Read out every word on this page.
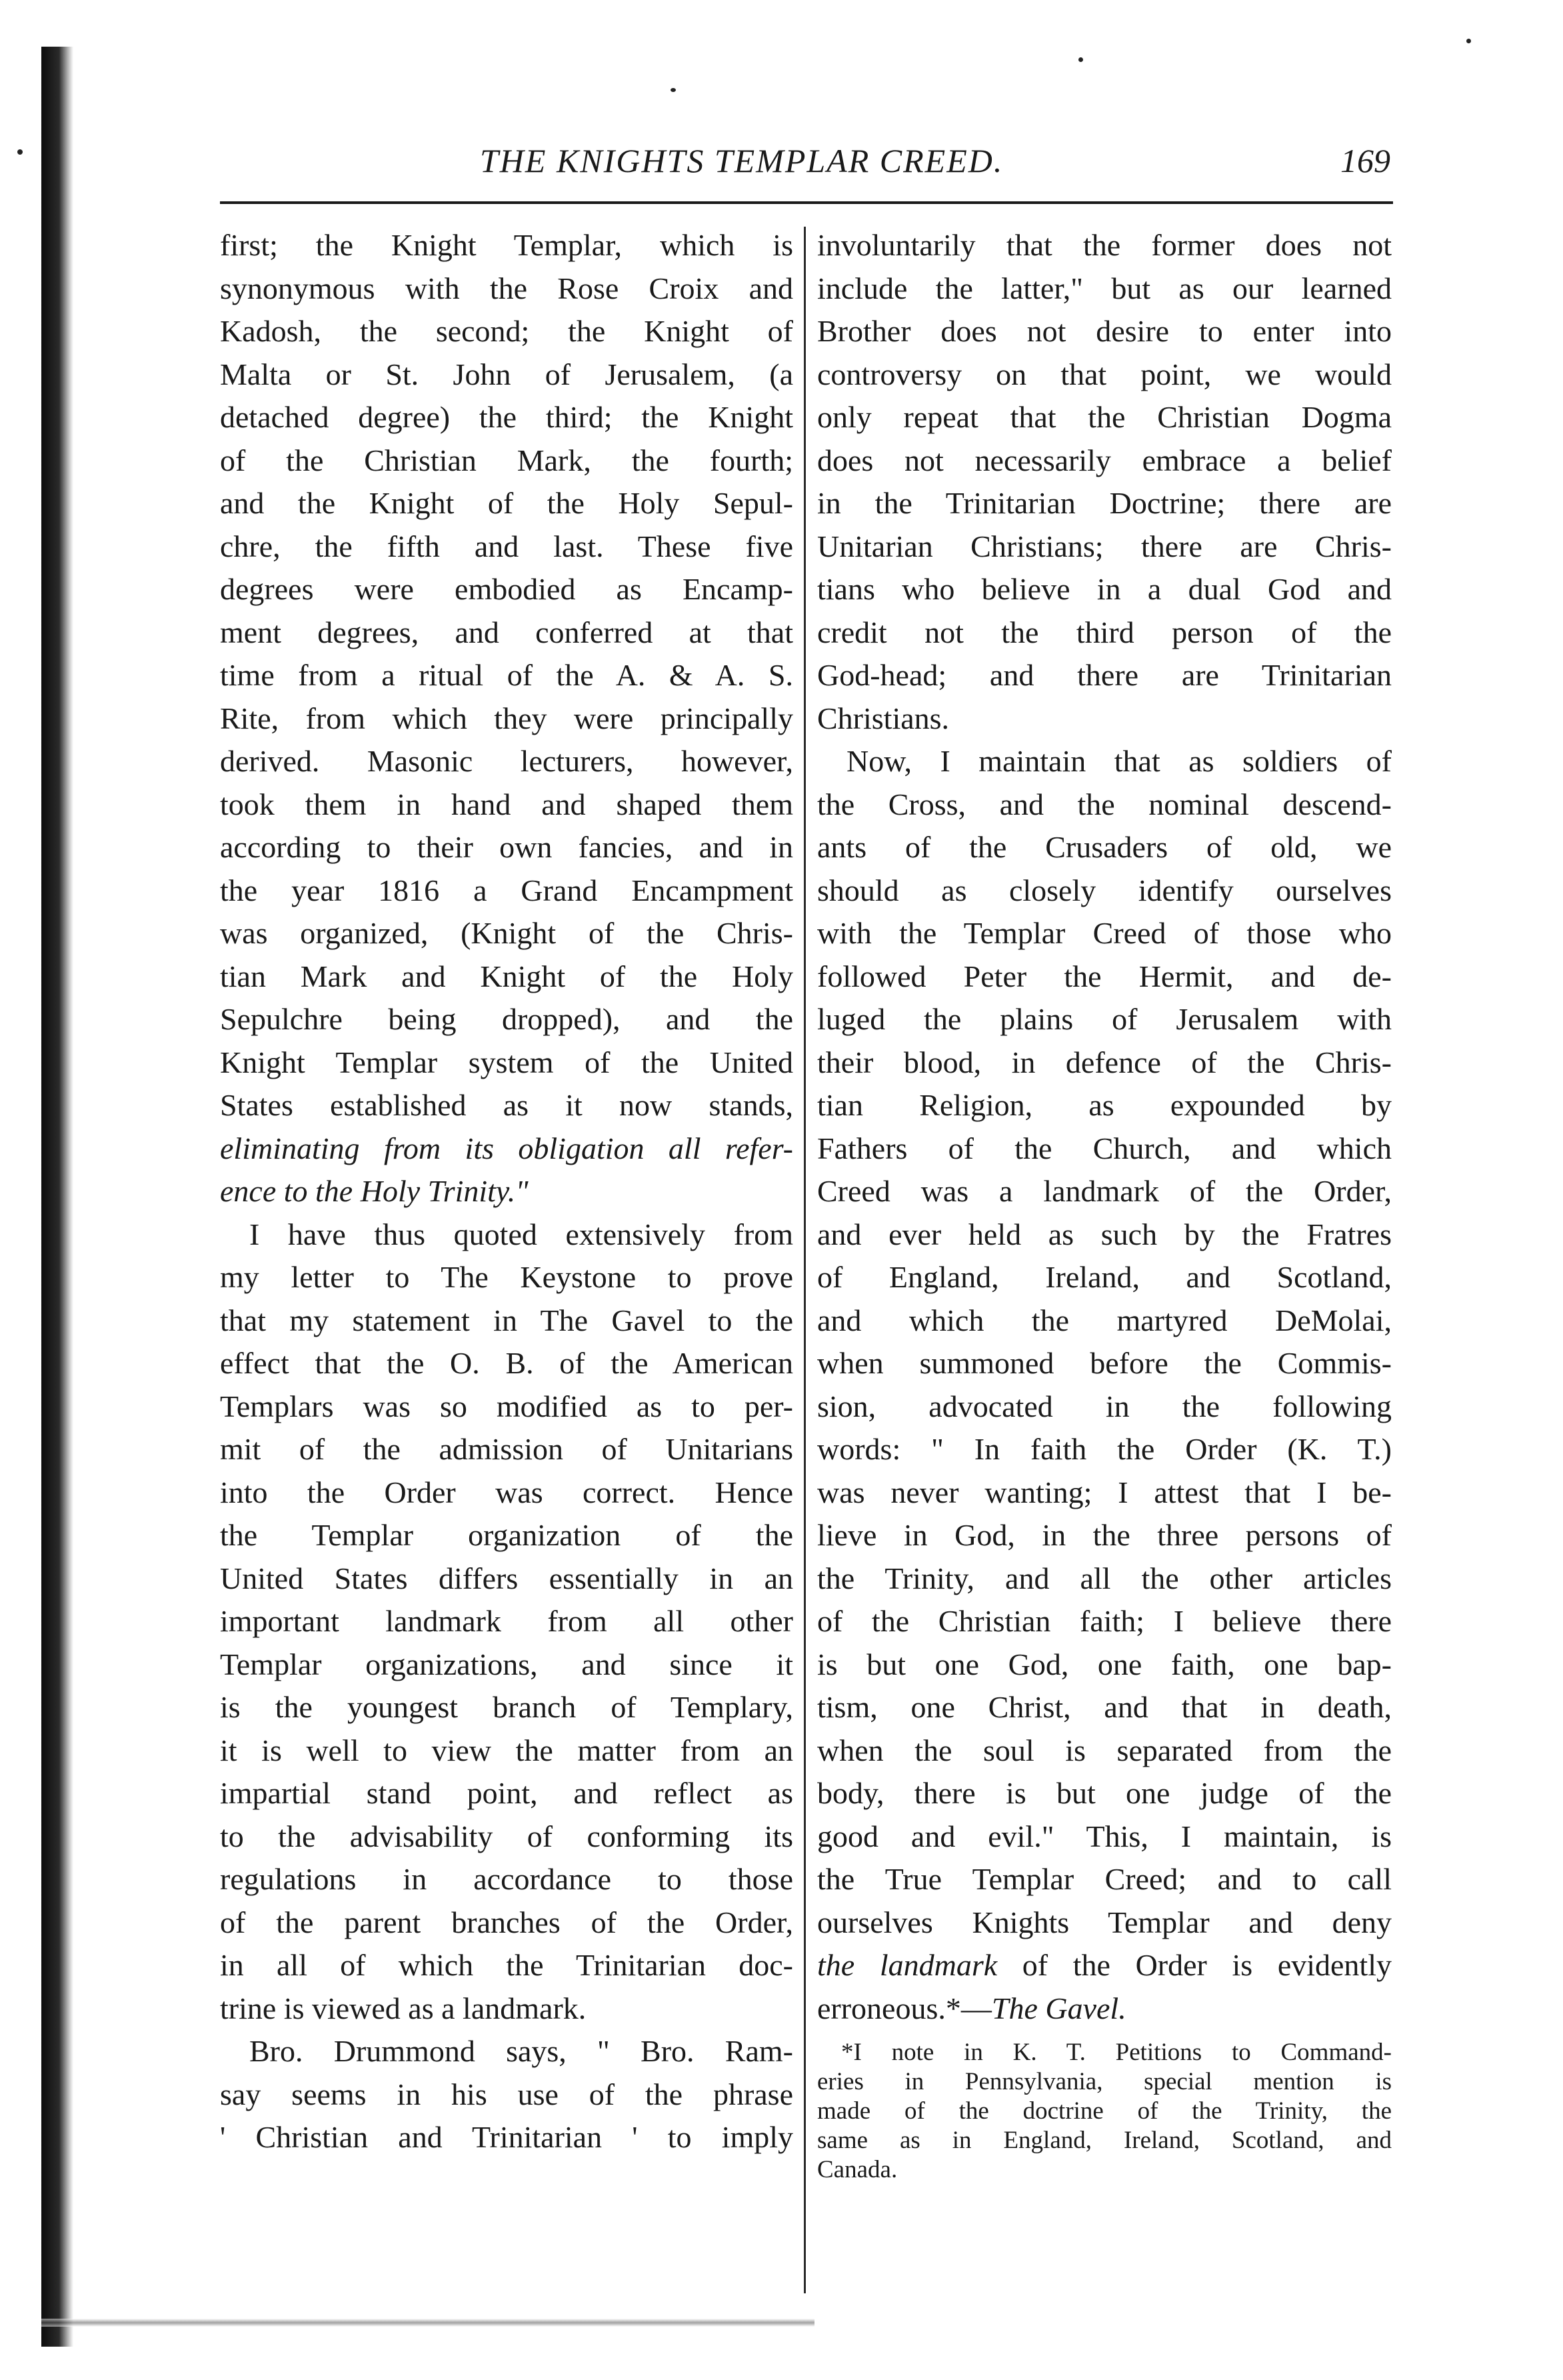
THE KNIGHTS TEMPLAR CREED.	169
first; the Knight Templar, which is
synonymous with the Rose Croix and
Kadosh, the second; the Knight of
Malta or St. John of Jerusalem, (a
detached degree) the third; the Knight
of the Christian Mark, the fourth;
and the Knight of the Holy Sepul-
chre, the fifth and last. These five
degrees were embodied as Encamp-
ment degrees, and conferred at that
time from a ritual of the A. & A. S.
Rite, from which they were principally
derived. Masonic lecturers, however,
took them in hand and shaped them
according to their own fancies, and in
the year 1816 a Grand Encampment
was organized, (Knight of the Chris-
tian Mark and Knight of the Holy
Sepulchre being dropped), and the
Knight Templar system of the United
States established as it now stands,
eliminating from its obligation all refer-
ence to the Holy Trinity."
I have thus quoted extensively from
my letter to The Keystone to prove
that my statement in The Gavel to the
effect that the O. B. of the American
Templars was so modified as to per-
mit of the admission of Unitarians
into the Order was correct. Hence
the Templar organization of the
United States differs essentially in an
important landmark from all other
Templar organizations, and since it
is the youngest branch of Templary,
it is well to view the matter from an
impartial stand point, and reflect as
to the advisability of conforming its
regulations in accordance to those
of the parent branches of the Order,
in all of which the Trinitarian doc-
trine is viewed as a landmark.
Bro. Drummond says, " Bro. Ram-
say seems in his use of the phrase
' Christian and Trinitarian ' to imply
involuntarily that the former does not
include the latter," but as our learned
Brother does not desire to enter into
controversy on that point, we would
only repeat that the Christian Dogma
does not necessarily embrace a belief
in the Trinitarian Doctrine; there are
Unitarian Christians; there are Chris-
tians who believe in a dual God and
credit not the third person of the
God-head; and there are Trinitarian
Christians.
Now, I maintain that as soldiers of
the Cross, and the nominal descend-
ants of the Crusaders of old, we
should as closely identify ourselves
with the Templar Creed of those who
followed Peter the Hermit, and de-
luged the plains of Jerusalem with
their blood, in defence of the Chris-
tian Religion, as expounded by
Fathers of the Church, and which
Creed was a landmark of the Order,
and ever held as such by the Fratres
of England, Ireland, and Scotland,
and which the martyred DeMolai,
when summoned before the Commis-
sion, advocated in the following
words: " In faith the Order (K. T.)
was never wanting; I attest that I be-
lieve in God, in the three persons of
the Trinity, and all the other articles
of the Christian faith; I believe there
is but one God, one faith, one bap-
tism, one Christ, and that in death,
when the soul is separated from the
body, there is but one judge of the
good and evil." This, I maintain, is
the True Templar Creed; and to call
ourselves Knights Templar and deny
the landmark of the Order is evidently
erroneous.*—The Gavel.
*I note in K. T. Petitions to Command-
eries in Pennsylvania, special mention is
made of the doctrine of the Trinity, the
same as in England, Ireland, Scotland, and
Canada.
